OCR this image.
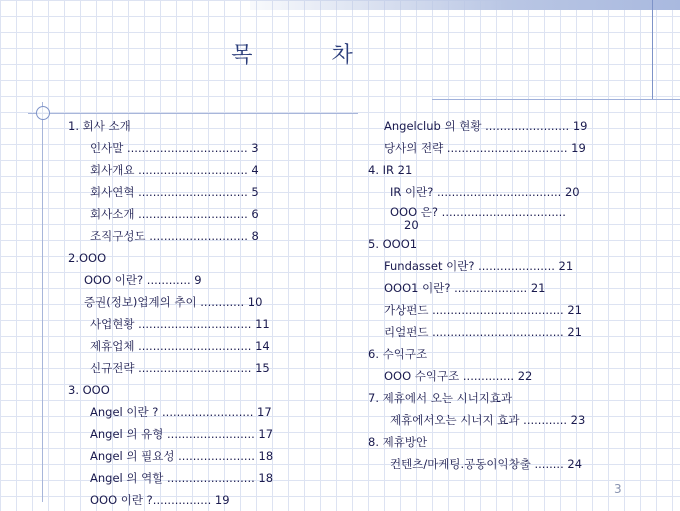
목 차
1. 회사 소개
인사말 ................................. 3
회사개요 .............................. 4
회사연혁 .............................. 5
회사소개 .............................. 6
조직구성도 ........................... 8
2.ΟΟΟ
ΟΟΟ 이란? ............ 9
증권(정보)업계의 추이 ............ 10
사업현황 ............................... 11
제휴업체 ............................... 14
신규전략 ............................... 15
3. ΟΟΟ
Angel 이란 ? ......................... 17
Angel 의 유형 ........................ 17
Angel 의 필요성 ..................... 18
Angel 의 역할 ........................ 18
ΟΟΟ 이란 ?................ 19
Angelclub 의 현황 ....................... 19
당사의 전략 ................................. 19
4. IR 21
IR 이란? .................................. 20
ΟΟΟ 은? ..................................
20
5. ΟΟΟ1
Fundasset 이란? ..................... 21
ΟΟΟ1 이란? .................... 21
가상펀드 .................................... 21
리얼펀드 .................................... 21
6. 수익구조
ΟΟΟ 수익구조 .............. 22
7. 제휴에서 오는 시너지효과
제휴에서오는 시너지 효과 ............ 23
8. 제휴방안
컨텐츠/마케팅.공동이익창출 ........ 24
3
